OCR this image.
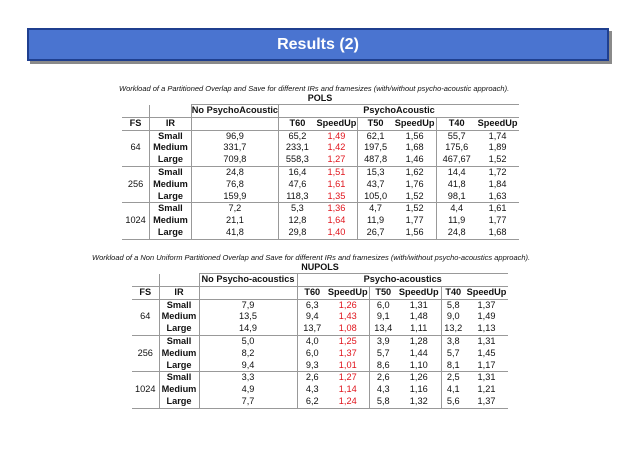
Results (2)
Workload of a Partitioned Overlap and Save for different IRs and framesizes (with/without psycho-acoustic approach).
POLS
		No PsychoAcoustic	PsychoAcoustic					
FS	IR		T60	SpeedUp	T50	SpeedUp	T40	SpeedUp
64	Small	96,9	65,2	1,49	62,1	1,56	55,7	1,74
	Medium	331,7	233,1	1,42	197,5	1,68	175,6	1,89
	Large	709,8	558,3	1,27	487,8	1,46	467,67	1,52
256	Small	24,8	16,4	1,51	15,3	1,62	14,4	1,72
	Medium	76,8	47,6	1,61	43,7	1,76	41,8	1,84
	Large	159,9	118,3	1,35	105,0	1,52	98,1	1,63
1024	Small	7,2	5,3	1,36	4,7	1,52	4,4	1,61
	Medium	21,1	12,8	1,64	11,9	1,77	11,9	1,77
	Large	41,8	29,8	1,40	26,7	1,56	24,8	1,68
Workload of a Non Uniform Partitioned Overlap and Save for different IRs and framesizes (with/without psycho-acoustics approach).
NUPOLS
		No Psycho-acoustics	Psycho-acoustics					
FS	IR		T60	SpeedUp	T50	SpeedUp	T40	SpeedUp
64	Small	7,9	6,3	1,26	6,0	1,31	5,8	1,37
	Medium	13,5	9,4	1,43	9,1	1,48	9,0	1,49
	Large	14,9	13,7	1,08	13,4	1,11	13,2	1,13
256	Small	5,0	4,0	1,25	3,9	1,28	3,8	1,31
	Medium	8,2	6,0	1,37	5,7	1,44	5,7	1,45
	Large	9,4	9,3	1,01	8,6	1,10	8,1	1,17
1024	Small	3,3	2,6	1,27	2,6	1,26	2,5	1,31
	Medium	4,9	4,3	1,14	4,3	1,16	4,1	1,21
	Large	7,7	6,2	1,24	5,8	1,32	5,6	1,37
